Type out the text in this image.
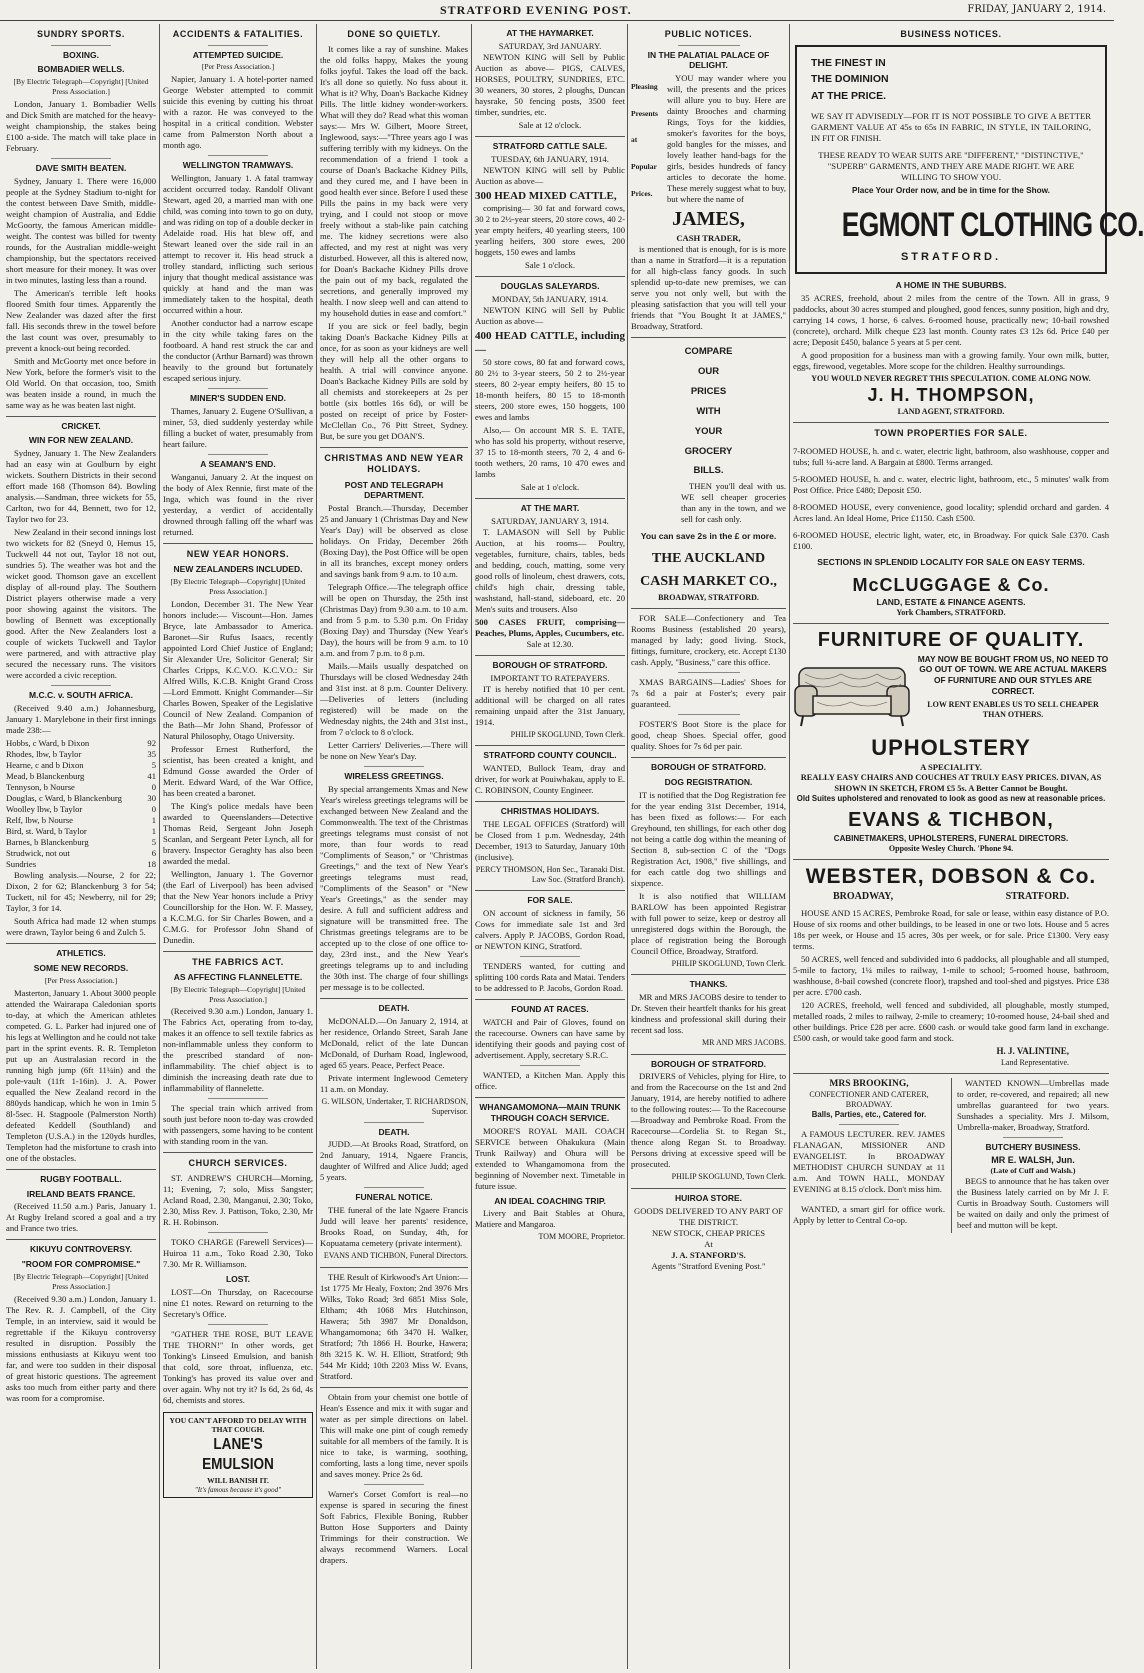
STRATFORD EVENING POST.	FRIDAY, JANUARY 2, 1914.
SUNDRY SPORTS.
BOXING.
BOMBADIER WELLS.
[By Electric Telegraph—Copyright] [United Press Association.]

London, January 1. Bombadier Wells and Dick Smith are matched for the heavy-weight championship, the stakes being £100 a-side. The match will take place in February.

DAVE SMITH BEATEN.

Sydney, January 1. There were 16,000 people at the Sydney Stadium to-night for the contest between Dave Smith, middle-weight champion of Australia, and Eddie McGoorty, the famous American middle-weight. The contest was billed for twenty rounds, for the Australian middle-weight championship, but the spectators received short measure for their money. It was over in two minutes, lasting less than a round.

The American's terrible left hooks floored Smith four times. Apparently the New Zealander was dazed after the first fall. His seconds threw in the towel before the last count was over, presumably to prevent a knock-out being recorded.

Smith and McGoorty met once before in New York, before the former's visit to the Old World. On that occasion, too, Smith was beaten inside a round, in much the same way as he was beaten last night.

CRICKET.
WIN FOR NEW ZEALAND.

Sydney, January 1. The New Zealanders had an easy win at Goulburn by eight wickets. Southern Districts in their second effort made 168 (Thomson 84). Bowling analysis.—Sandman, three wickets for 55, Carlton, two for 44, Bennett, two for 12, Taylor two for 23.

New Zealand in their second innings lost two wickets for 82 (Sneyd 0, Hemus 15, Tuckwell 44 not out, Taylor 18 not out, sundries 5). The weather was hot and the wicket good. Thomson gave an excellent display of all-round play. The Southern District players otherwise made a very poor showing against the visitors. The bowling of Bennett was exceptionally good. After the New Zealanders lost a couple of wickets Tuckwell and Taylor were partnered, and with attractive play secured the necessary runs. The visitors were accorded a civic reception.

M.C.C. v. SOUTH AFRICA.

(Received 9.40 a.m.) Johannesburg, January 1. Marylebone in their first innings made 238:—

Hobbs, c Ward, b Dixon	92
Rhodes, lbw, b Taylor	35
Hearne, c and b Dixon	5
Mead, b Blanckenburg	41
Tennyson, b Nourse	0
Douglas, c Ward, b Blanckenburg	30
Woolley lbw, b Taylor	0
Relf, lbw, b Nourse	1
Bird, st. Ward, b Taylor	1
Barnes, b Blanckenburg	5
Strudwick, not out	6
Sundries	18

Bowling analysis.—Nourse, 2 for 22; Dixon, 2 for 62; Blanckenburg 3 for 54; Tuckett, nil for 45; Newberry, nil for 29; Taylor, 3 for 14.

South Africa had made 12 when stumps were drawn, Taylor being 6 and Zulch 5.

ATHLETICS.
SOME NEW RECORDS.
[Per Press Association.]

Masterton, January 1. About 3000 people attended the Wairarapa Caledonian sports to-day, at which the American athletes competed. G. L. Parker had injured one of his legs at Wellington and he could not take part in the sprint events. R. R. Templeton put up an Australasian record in the running high jump (6ft 11¼in) and the pole-vault (11ft 1-16in). J. A. Power equalled the New Zealand record in the 880yds handicap, which he won in 1min 5 8l-5sec. H. Stagpoole (Palmerston North) defeated Keddell (Southland) and Templeton (U.S.A.) in the 120yds hurdles, Templeton had the misfortune to crash into one of the obstacles.

RUGBY FOOTBALL.
IRELAND BEATS FRANCE.

(Received 11.50 a.m.) Paris, January 1. At Rugby Ireland scored a goal and a try and France two tries.

KIKUYU CONTROVERSY.
"ROOM FOR COMPROMISE."
[By Electric Telegraph—Copyright] [United Press Association.]

(Received 9.30 a.m.) London, January 1. The Rev. R. J. Campbell, of the City Temple, in an interview, said it would be regrettable if the Kikuyu controversy resulted in disruption. Possibly the missions enthusiasts at Kikuyu went too far, and were too sudden in their disposal of great historic questions. The agreement asks too much from either party and there was room for a compromise.

ACCIDENTS & FATALITIES.
ATTEMPTED SUICIDE.
[Per Press Association.]

Napier, January 1. A hotel-porter named George Webster attempted to commit suicide this evening by cutting his throat with a razor. He was conveyed to the hospital in a critical condition. Webster came from Palmerston North about a month ago.

WELLINGTON TRAMWAYS.

Wellington, January 1. A fatal tramway accident occurred today. Randolf Olivant Stewart, aged 20, a married man with one child, was coming into town to go on duty, and was riding on top of a double decker in Adelaide road. His hat blew off, and Stewart leaned over the side rail in an attempt to recover it. His head struck a trolley standard, inflicting such serious injury that thought medical assistance was quickly at hand and the man was immediately taken to the hospital, death occurred within a hour.

Another conductor had a narrow escape in the city while taking fares on the footboard. A hand rest struck the car and the conductor (Arthur Barnard) was thrown heavily to the ground but fortunately escaped serious injury.

MINER'S SUDDEN END.

Thames, January 2. Eugene O'Sullivan, a miner, 53, died suddenly yesterday while filling a bucket of water, presumably from heart failure.

A SEAMAN'S END.

Wanganui, January 2. At the inquest on the body of Alex Rennie, first mate of the Inga, which was found in the river yesterday, a verdict of accidentally drowned through falling off the wharf was returned.

NEW YEAR HONORS.
NEW ZEALANDERS INCLUDED.
[By Electric Telegraph—Copyright] [United Press Association.]

London, December 31. The New Year honors include:— Viscount—Hon. James Bryce, late Ambassador to America. Baronet—Sir Rufus Isaacs, recently appointed Lord Chief Justice of England; Sir Alexander Ure, Solicitor General; Sir Charles Cripps, K.C.V.O. K.C.V.O.: Sir Alfred Wills, K.C.B. Knight Grand Cross—Lord Emmott. Knight Commander—Sir Charles Bowen, Speaker of the Legislative Council of New Zealand. Companion of the Bath—Mr John Shand, Professor of Natural Philosophy, Otago University.

Professor Ernest Rutherford, the scientist, has been created a knight, and Edmund Gosse awarded the Order of Merit. Edward Ward, of the War Office, has been created a baronet.

The King's police medals have been awarded to Queenslanders—Detective Thomas Reid, Sergeant John Joseph Scanlan, and Sergeant Peter Lynch, all for bravery. Inspector Geraghty has also been awarded the medal.

Wellington, January 1. The Governor (the Earl of Liverpool) has been advised that the New Year honors include a Privy Councillorship for the Hon. W. F. Massey, a K.C.M.G. for Sir Charles Bowen, and a C.M.G. for Professor John Shand of Dunedin.

THE FABRICS ACT.
AS AFFECTING FLANNELETTE.
[By Electric Telegraph—Copyright] [United Press Association.]

(Received 9.30 a.m.) London, January 1. The Fabrics Act, operating from to-day, makes it an offence to sell textile fabrics as non-inflammable unless they conform to the prescribed standard of non-inflammability. The chief object is to diminish the increasing death rate due to inflammability of flannelette.

The special train which arrived from south just before noon to-day was crowded with passengers, some having to be content with standing room in the van.

CHURCH SERVICES.

ST. ANDREW'S CHURCH—Morning, 11; Evening, 7; solo, Miss Sangster; Acland Road, 2.30, Manganui, 2.30; Toko, 2.30, Miss Rev. J. Pattison, Toko, 2.30, Mr R. H. Robinson.

TOKO CHARGE (Farewell Services)—Huiroa 11 a.m., Toko Road 2.30, Toko 7.30. Mr R. Williamson.

LOST.

LOST—On Thursday, on Racecourse nine £1 notes. Reward on returning to the Secretary's Office.

"GATHER THE ROSE, BUT LEAVE THE THORN!" In other words, get Tonking's Linseed Emulsion, and banish that cold, sore throat, influenza, etc. Tonking's has proved its value over and over again. Why not try it? Is 6d, 2s 6d, 4s 6d, chemists and stores.

YOU CAN'T AFFORD TO DELAY WITH THAT COUGH.
LANE'S EMULSION
WILL BANISH IT.
"It's famous because it's good"
DONE SO QUIETLY.

It comes like a ray of sunshine. Makes the old folks happy, Makes the young folks joyful. Takes the load off the back. It's all done so quietly. No fuss about it. What is it? Why, Doan's Backache Kidney Pills. The little kidney wonder-workers. What will they do? Read what this woman says:— Mrs W. Gilbert, Moore Street, Inglewood, says:—"Three years ago I was suffering terribly with my kidneys. On the recommendation of a friend I took a course of Doan's Backache Kidney Pills, and they cured me, and I have been in good health ever since. Before I used these Pills the pains in my back were very trying, and I could not stoop or move freely without a stab-like pain catching me. The kidney secretions were also affected, and my rest at night was very disturbed. However, all this is altered now, for Doan's Backache Kidney Pills drove the pain out of my back, regulated the secretions, and generally improved my health. I now sleep well and can attend to my household duties in ease and comfort."

If you are sick or feel badly, begin taking Doan's Backache Kidney Pills at once, for as soon as your kidneys are well they will help all the other organs to health. A trial will convince anyone. Doan's Backache Kidney Pills are sold by all chemists and storekeepers at 2s per bottle (six bottles 16s 6d), or will be posted on receipt of price by Foster-McClellan Co., 76 Pitt Street, Sydney. But, be sure you get DOAN'S.

CHRISTMAS AND NEW YEAR HOLIDAYS.
POST AND TELEGRAPH DEPARTMENT.

Postal Branch.—Thursday, December 25 and January 1 (Christmas Day and New Year's Day) will be observed as close holidays. On Friday, December 26th (Boxing Day), the Post Office will be open in all its branches, except money orders and savings bank from 9 a.m. to 10 a.m.

Telegraph Office.—The telegraph office will be open on Thursday, the 25th inst (Christmas Day) from 9.30 a.m. to 10 a.m. and from 5 p.m. to 5.30 p.m. On Friday (Boxing Day) and Thursday (New Year's Day), the hours will be from 9 a.m. to 10 a.m. and from 7 p.m. to 8 p.m.

Mails.—Mails usually despatched on Thursdays will be closed Wednesday 24th and 31st inst. at 8 p.m. Counter Delivery.—Deliveries of letters (including registered) will be made on the Wednesday nights, the 24th and 31st inst., from 7 o'clock to 8 o'clock.

Letter Carriers' Deliveries.—There will be none on New Year's Day.

WIRELESS GREETINGS.

By special arrangements Xmas and New Year's wireless greetings telegrams will be exchanged between New Zealand and the Commonwealth. The text of the Christmas greetings telegrams must consist of not more, than four words to read "Compliments of Season," or "Christmas Greetings," and the text of New Year's greetings telegrams must read, "Compliments of the Season" or "New Year's Greetings," as the sender may desire. A full and sufficient address and signature will be transmitted free. The Christmas greetings telegrams are to be accepted up to the close of one office to-day, 23rd inst., and the New Year's greetings telegrams up to and including the 30th inst. The charge of four shillings per message is to be collected.

DEATH.

McDONALD.—On January 2, 1914, at her residence, Orlando Street, Sarah Jane McDonald, relict of the late Duncan McDonald, of Durham Road, Inglewood, aged 65 years. Peace, Perfect Peace.

Private interment Inglewood Cemetery 11 a.m. on Monday.

G. WILSON, Undertaker, T. RICHARDSON, Supervisor.
DEATH.

JUDD.—At Brooks Road, Stratford, on 2nd January, 1914, Ngaere Francis, daughter of Wilfred and Alice Judd; aged 5 years.

FUNERAL NOTICE.

THE funeral of the late Ngaere Francis Judd will leave her parents' residence, Brooks Road, on Sunday, 4th, for Kopuatama cemetery (private interment).

EVANS AND TICHBON, Funeral Directors.

THE Result of Kirkwood's Art Union:—1st 1775 Mr Healy, Foxton; 2nd 3976 Mrs Wilks, Toko Road; 3rd 6851 Miss Sole, Eltham; 4th 1068 Mrs Hutchinson, Hawera; 5th 3987 Mr Donaldson, Whangamomona; 6th 3470 H. Walker, Stratford; 7th 1866 H. Bourke, Hawera; 8th 3215 K. W. H. Elliott, Stratford; 9th 544 Mr Kidd; 10th 2203 Miss W. Evans, Stratford.

Obtain from your chemist one bottle of Hean's Essence and mix it with sugar and water as per simple directions on label. This will make one pint of cough remedy suitable for all members of the family. It is nice to take, is warming, soothing, comforting, lasts a long time, never spoils and saves money. Price 2s 6d.

Warner's Corset Comfort is real—no expense is spared in securing the finest Soft Fabrics, Flexible Boning, Rubber Button Hose Supporters and Dainty Trimmings for their construction. We always recommend Warners. Local drapers.

AT THE HAYMARKET.
SATURDAY, 3rd JANUARY.

NEWTON KING will Sell by Public Auction as above— PIGS, CALVES, HORSES, POULTRY, SUNDRIES, ETC. 30 weaners, 30 stores, 2 ploughs, Duncan haysrake, 50 fencing posts, 3500 feet timber, sundries, etc.

Sale at 12 o'clock.
STRATFORD CATTLE SALE.
TUESDAY, 6th JANUARY, 1914.

NEWTON KING will sell by Public Auction as above—

300 HEAD MIXED CATTLE,

comprising— 30 fat and forward cows, 30 2 to 2½-year steers, 20 store cows, 40 2-year empty heifers, 40 yearling steers, 100 yearling heifers, 300 store ewes, 200 hoggets, 150 ewes and lambs

Sale 1 o'clock.
DOUGLAS SALEYARDS.
MONDAY, 5th JANUARY, 1914.

NEWTON KING will Sell by Public Auction as above—

400 HEAD CATTLE, including—

50 store cows, 80 fat and forward cows, 80 2½ to 3-year steers, 50 2 to 2½-year steers, 80 2-year empty heifers, 80 15 to 18-month heifers, 80 15 to 18-month steers, 200 store ewes, 150 hoggets, 100 ewes and lambs

Also,— On account MR S. E. TATE, who has sold his property, without reserve, 37 15 to 18-month steers, 70 2, 4 and 6-tooth wethers, 20 rams, 10 470 ewes and lambs

Sale at 1 o'clock.
AT THE MART.
SATURDAY, JANUARY 3, 1914.

T. LAMASON will Sell by Public Auction, at his rooms— Poultry, vegetables, furniture, chairs, tables, beds and bedding, couch, matting, some very good rolls of linoleum, chest drawers, cots, child's high chair, dressing table, washstand, hall-stand, sideboard, etc. 20 Men's suits and trousers. Also

500 CASES FRUIT, comprising— Peaches, Plums, Apples, Cucumbers, etc.
Sale at 12.30.
BOROUGH OF STRATFORD.
IMPORTANT TO RATEPAYERS.

IT is hereby notified that 10 per cent. additional will be charged on all rates remaining unpaid after the 31st January, 1914.

PHILIP SKOGLUND, Town Clerk.
STRATFORD COUNTY COUNCIL.

WANTED, Bullock Team, dray and driver, for work at Pouiwhakau, apply to E. C. ROBINSON, County Engineer.

CHRISTMAS HOLIDAYS.

THE LEGAL OFFICES (Stratford) will be Closed from 1 p.m. Wednesday, 24th December, 1913 to Saturday, January 10th (inclusive).

PERCY THOMSON, Hon Sec., Taranaki Dist. Law Soc. (Stratford Branch).
FOR SALE.

ON account of sickness in family, 56 Cows for immediate sale 1st and 3rd calvers. Apply P. JACOBS, Gordon Road, or NEWTON KING, Stratford.

TENDERS wanted, for cutting and splitting 100 cords Rata and Matai. Tenders to be addressed to P. Jacobs, Gordon Road.

FOUND AT RACES.

WATCH and Pair of Gloves, found on the racecourse. Owners can have same by identifying their goods and paying cost of advertisement. Apply, secretary S.R.C.

WANTED, a Kitchen Man. Apply this office.

WHANGAMOMONA—MAIN TRUNK THROUGH COACH SERVICE.

MOORE'S ROYAL MAIL COACH SERVICE between Ohakukura (Main Trunk Railway) and Ohura will be extended to Whangamomona from the beginning of November next. Timetable in future issue.

AN IDEAL COACHING TRIP.

Livery and Bait Stables at Ohura, Matiere and Mangaroa.

TOM MOORE, Proprietor.
PUBLIC NOTICES.
IN THE PALATIAL PALACE OF DELIGHT.
Pleasing
Presents
at
Popular
Prices.

YOU may wander where you will, the presents and the prices will allure you to buy. Here are dainty Brooches and charming Rings, Toys for the kiddies, smoker's favorites for the boys, gold bangles for the misses, and lovely leather hand-bags for the girls, besides hundreds of fancy articles to decorate the home. These merely suggest what to buy, but where the name of

JAMES,
CASH TRADER,

is mentioned that is enough, for is is more than a name in Stratford—it is a reputation for all high-class fancy goods. In such splendid up-to-date new premises, we can serve you not only well, but with the pleasing satisfaction that you will tell your friends that "You Bought It at JAMES," Broadway, Stratford.

COMPARE
OUR
PRICES
WITH
YOUR
GROCERY
BILLS.

THEN you'll deal with us. WE sell cheaper groceries than any in the town, and we sell for cash only.

You can save 2s in the £ or more.
THE AUCKLAND CASH MARKET CO.,
BROADWAY, STRATFORD.

FOR SALE—Confectionery and Tea Rooms Business (established 20 years), managed by lady; good living. Stock, fittings, furniture, crockery, etc. Accept £130 cash. Apply, "Business," care this office.

XMAS BARGAINS—Ladies' Shoes for 7s 6d a pair at Foster's; every pair guaranteed.

FOSTER'S Boot Store is the place for good, cheap Shoes. Special offer, good quality. Shoes for 7s 6d per pair.

BOROUGH OF STRATFORD.
DOG REGISTRATION.

IT is notified that the Dog Registration fee for the year ending 31st December, 1914, has been fixed as follows:— For each Greyhound, ten shillings, for each other dog not being a cattle dog within the meaning of Section 8, sub-section C of the "Dogs Registration Act, 1908," five shillings, and for each cattle dog two shillings and sixpence.

It is also notified that WILLIAM BARLOW has been appointed Registrar with full power to seize, keep or destroy all unregistered dogs within the Borough, the place of registration being the Borough Council Office, Broadway, Stratford.

PHILIP SKOGLUND, Town Clerk.
THANKS.

MR and MRS JACOBS desire to tender to Dr. Steven their heartfelt thanks for his great kindness and professional skill during their recent sad loss.

MR AND MRS JACOBS.
BOROUGH OF STRATFORD.

DRIVERS of Vehicles, plying for Hire, to and from the Racecourse on the 1st and 2nd January, 1914, are hereby notified to adhere to the following routes:— To the Racecourse—Broadway and Pembroke Road. From the Racecourse—Cordelia St. to Regan St., thence along Regan St. to Broadway. Persons driving at excessive speed will be prosecuted.

PHILIP SKOGLUND, Town Clerk.
HUIROA STORE.
GOODS DELIVERED TO ANY PART OF THE DISTRICT.
NEW STOCK, CHEAP PRICES
At
J. A. STANFORD'S.
Agents "Stratford Evening Post."
BUSINESS NOTICES.
THE FINEST IN
THE DOMINION
AT THE PRICE.

WE SAY IT ADVISEDLY—FOR IT IS NOT POSSIBLE TO GIVE A BETTER GARMENT VALUE AT 45s to 65s IN FABRIC, IN STYLE, IN TAILORING, IN FIT OR FINISH.

THESE READY TO WEAR SUITS ARE "DIFFERENT," "DISTINCTIVE," "SUPERB" GARMENTS, AND THEY ARE MADE RIGHT. WE ARE WILLING TO SHOW YOU.

Place Your Order now, and be in time for the Show.
EGMONT CLOTHING CO.
STRATFORD.
A HOME IN THE SUBURBS.

35 ACRES, freehold, about 2 miles from the centre of the Town. All in grass, 9 paddocks, about 30 acres stumped and ploughed, good fences, sunny position, high and dry, carrying 14 cows, 1 horse, 6 calves. 6-roomed house, practically new; 10-bail rowshed (concrete), orchard. Milk cheque £23 last month. County rates £3 12s 6d. Price £40 per acre; Deposit £450, balance 5 years at 5 per cent.

A good proposition for a business man with a growing family. Your own milk, butter, eggs, firewood, vegetables. More scope for the children. Healthy surroundings.

YOU WOULD NEVER REGRET THIS SPECULATION. COME ALONG NOW.
J. H. THOMPSON,
LAND AGENT, STRATFORD.
TOWN PROPERTIES FOR SALE.

7-ROOMED HOUSE, h. and c. water, electric light, bathroom, also washhouse, copper and tubs; full ¼-acre land. A Bargain at £800. Terms arranged.

5-ROOMED HOUSE, h. and c. water, electric light, bathroom, etc., 5 minutes' walk from Post Office. Price £480; Deposit £50.

8-ROOMED HOUSE, every convenience, good locality; splendid orchard and garden. 4 Acres land. An Ideal Home, Price £1150. Cash £500.

6-ROOMED HOUSE, electric light, water, etc, in Broadway. For quick Sale £370. Cash £100.

SECTIONS IN SPLENDID LOCALITY FOR SALE ON EASY TERMS.
McCLUGGAGE & Co.
LAND, ESTATE & FINANCE AGENTS.
York Chambers, STRATFORD.
FURNITURE OF QUALITY.
MAY NOW BE BOUGHT FROM US, NO NEED TO GO OUT OF TOWN. WE ARE ACTUAL MAKERS OF FURNITURE AND OUR STYLES ARE CORRECT.
LOW RENT ENABLES US TO SELL CHEAPER THAN OTHERS.
UPHOLSTERY
A SPECIALITY.
REALLY EASY CHAIRS AND COUCHES AT TRULY EASY PRICES. DIVAN, AS SHOWN IN SKETCH, FROM £5 5s. A Better Cannot be Bought.
Old Suites upholstered and renovated to look as good as new at reasonable prices.
EVANS & TICHBON,
CABINETMAKERS, UPHOLSTERERS, FUNERAL DIRECTORS.
Opposite Wesley Church. 'Phone 94.
WEBSTER, DOBSON & Co.
BROADWAY,	STRATFORD.

HOUSE AND 15 ACRES, Pembroke Road, for sale or lease, within easy distance of P.O. House of six rooms and other buildings, to be leased in one or two lots. House and 5 acres 18s per week, or House and 15 acres, 30s per week, or for sale. Price £1300. Very easy terms.

50 ACRES, well fenced and subdivided into 6 paddocks, all ploughable and all stumped, 5-mile to factory, 1¼ miles to railway, 1-mile to school; 5-roomed house, bathroom, washhouse, 8-bail cowshed (concrete floor), trapshed and tool-shed and pigstyes. Price £38 per acre. £700 cash.

120 ACRES, freehold, well fenced and subdivided, all ploughable, mostly stumped, metalled roads, 2 miles to railway, 2-mile to creamery; 10-roomed house, 24-bail shed and other buildings. Price £28 per acre. £600 cash. or would take good farm land in exchange. £500 cash, or would take good farm and stock.

H. J. VALINTINE,
Land Representative.
MRS BROOKING,
CONFECTIONER AND CATERER, BROADWAY.
Balls, Parties, etc., Catered for.

A FAMOUS LECTURER. REV. JAMES FLANAGAN, MISSIONER AND EVANGELIST. In BROADWAY METHODIST CHURCH SUNDAY at 11 a.m. And TOWN HALL, MONDAY EVENING at 8.15 o'clock. Don't miss him.

WANTED, a smart girl for office work. Apply by letter to Central Co-op.

WANTED KNOWN—Umbrellas made to order, re-covered, and repaired; all new umbrellas guaranteed for two years. Sunshades a speciality. Mrs J. Milsom, Umbrella-maker, Broadway, Stratford.

BUTCHERY BUSINESS.
MR E. WALSH, Jun.
(Late of Cuff and Walsh.)

BEGS to announce that he has taken over the Business lately carried on by Mr J. F. Curtis in Broadway South. Customers will be waited on daily and only the primest of beef and mutton will be kept.
